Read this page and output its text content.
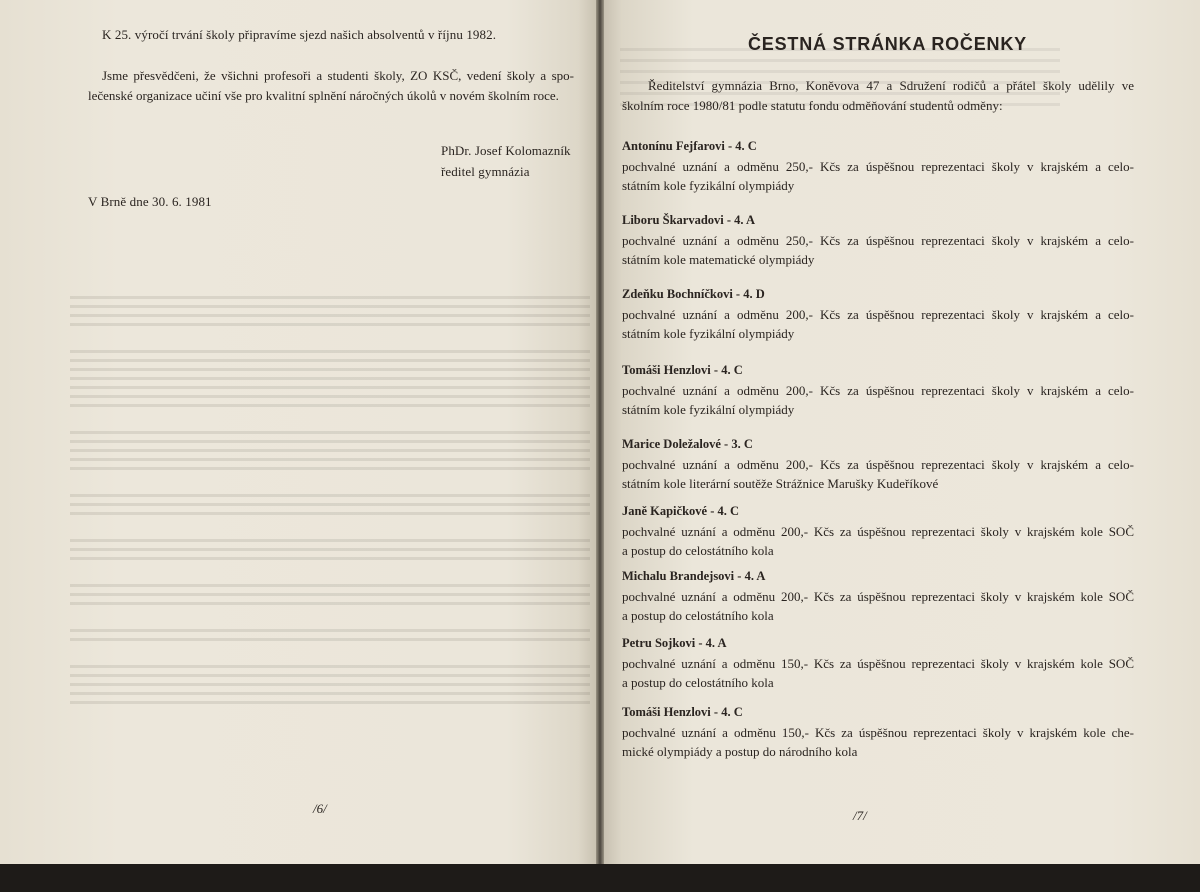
K 25. výročí trvání školy připravíme sjezd našich absolventů v říjnu 1982.
Jsme přesvědčeni, že všichni profesoři a studenti školy, ZO KSČ, vedení školy a spo-
lečenské organizace učiní vše pro kvalitní splnění náročných úkolů v novém školním roce.
PhDr. Josef Kolomazník
ředitel gymnázia
V Brně dne 30. 6. 1981
/6/
ČESTNÁ STRÁNKA ROČENKY
Ředitelství gymnázia Brno, Koněvova 47 a Sdružení rodičů a přátel školy udělily ve
školním roce 1980/81 podle statutu fondu odměňování studentů odměny:
Antonínu Fejfarovi - 4. C
pochvalné uznání a odměnu 250,- Kčs za úspěšnou reprezentaci školy v krajském a celo-
státním kole fyzikální olympiády
Liboru Škarvadovi - 4. A
pochvalné uznání a odměnu 250,- Kčs za úspěšnou reprezentaci školy v krajském a celo-
státním kole matematické olympiády
Zdeňku Bochníčkovi - 4. D
pochvalné uznání a odměnu 200,- Kčs za úspěšnou reprezentaci školy v krajském a celo-
státním kole fyzikální olympiády
Tomáši Henzlovi - 4. C
pochvalné uznání a odměnu 200,- Kčs za úspěšnou reprezentaci školy v krajském a celo-
státním kole fyzikální olympiády
Marice Doležalové - 3. C
pochvalné uznání a odměnu 200,- Kčs za úspěšnou reprezentaci školy v krajském a celo-
státním kole literární soutěže Strážnice Marušky Kudeříkové
Janě Kapičkové - 4. C
pochvalné uznání a odměnu 200,- Kčs za úspěšnou reprezentaci školy v krajském kole SOČ
a postup do celostátního kola
Michalu Brandejsovi - 4. A
pochvalné uznání a odměnu 200,- Kčs za úspěšnou reprezentaci školy v krajském kole SOČ
a postup do celostátního kola
Petru Sojkovi - 4. A
pochvalné uznání a odměnu 150,- Kčs za úspěšnou reprezentaci školy v krajském kole SOČ
a postup do celostátního kola
Tomáši Henzlovi - 4. C
pochvalné uznání a odměnu 150,- Kčs za úspěšnou reprezentaci školy v krajském kole che-
mické olympiády a postup do národního kola
/7/
